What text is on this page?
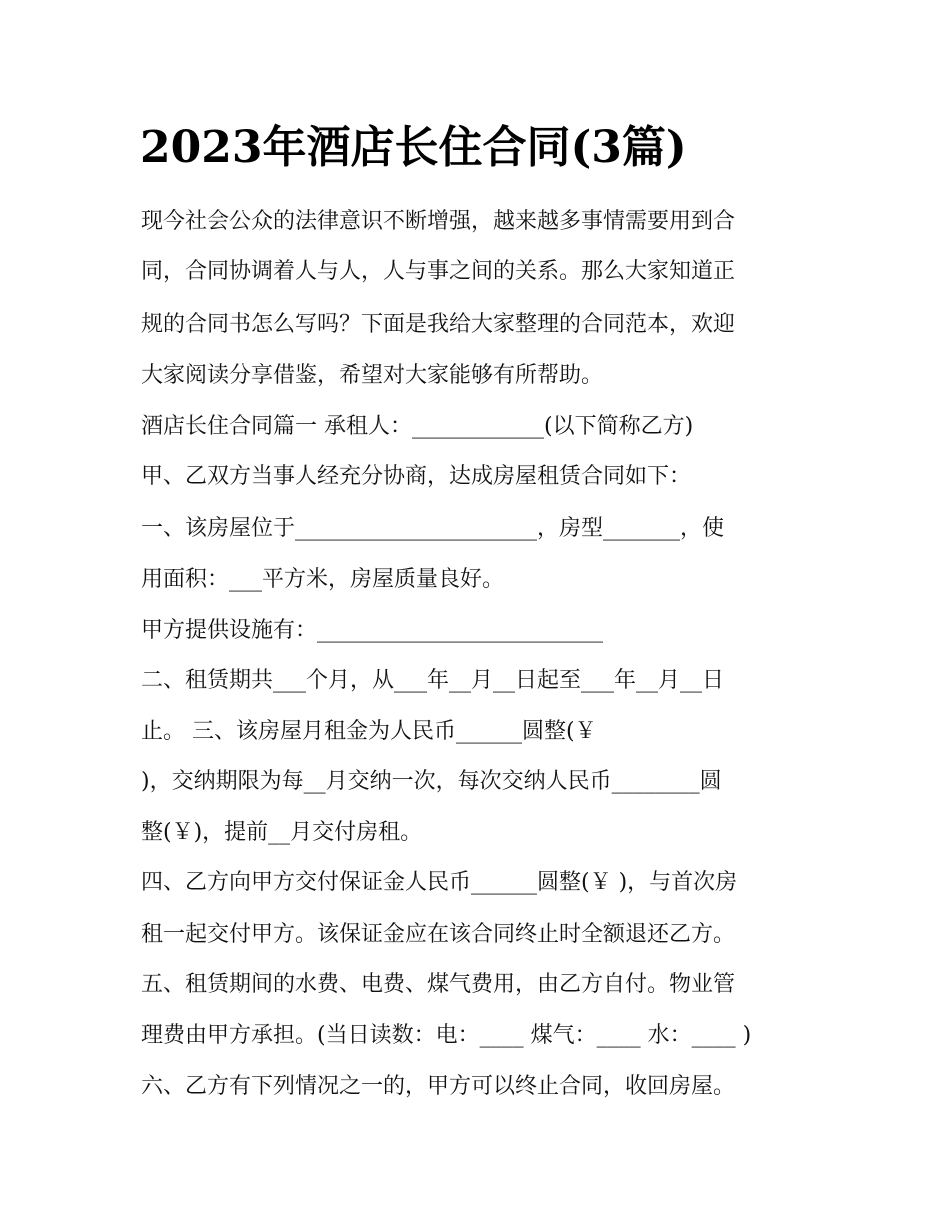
2023年酒店长住合同(3篇)

现今社会公众的法律意识不断增强，越来越多事情需要用到合

同，合同协调着人与人，人与事之间的关系。那么大家知道正

规的合同书怎么写吗？下面是我给大家整理的合同范本，欢迎

大家阅读分享借鉴，希望对大家能够有所帮助。

酒店长住合同篇一 承租人：____________(以下简称乙方)

甲、乙双方当事人经充分协商，达成房屋租赁合同如下：

一、该房屋位于______________________，房型_______，使

用面积：___平方米，房屋质量良好。

甲方提供设施有：__________________________

二、租赁期共___个月，从___年__月__日起至___年__月__日

止。 三、该房屋月租金为人民币______圆整(￥

)，交纳期限为每__月交纳一次，每次交纳人民币________圆

整(￥)，提前__月交付房租。

四、乙方向甲方交付保证金人民币______圆整(￥ )，与首次房

租一起交付甲方。该保证金应在该合同终止时全额退还乙方。

五、租赁期间的水费、电费、煤气费用，由乙方自付。物业管

理费由甲方承担。(当日读数：电：____ 煤气：____ 水：____ )

六、乙方有下列情况之一的，甲方可以终止合同，收回房屋。
